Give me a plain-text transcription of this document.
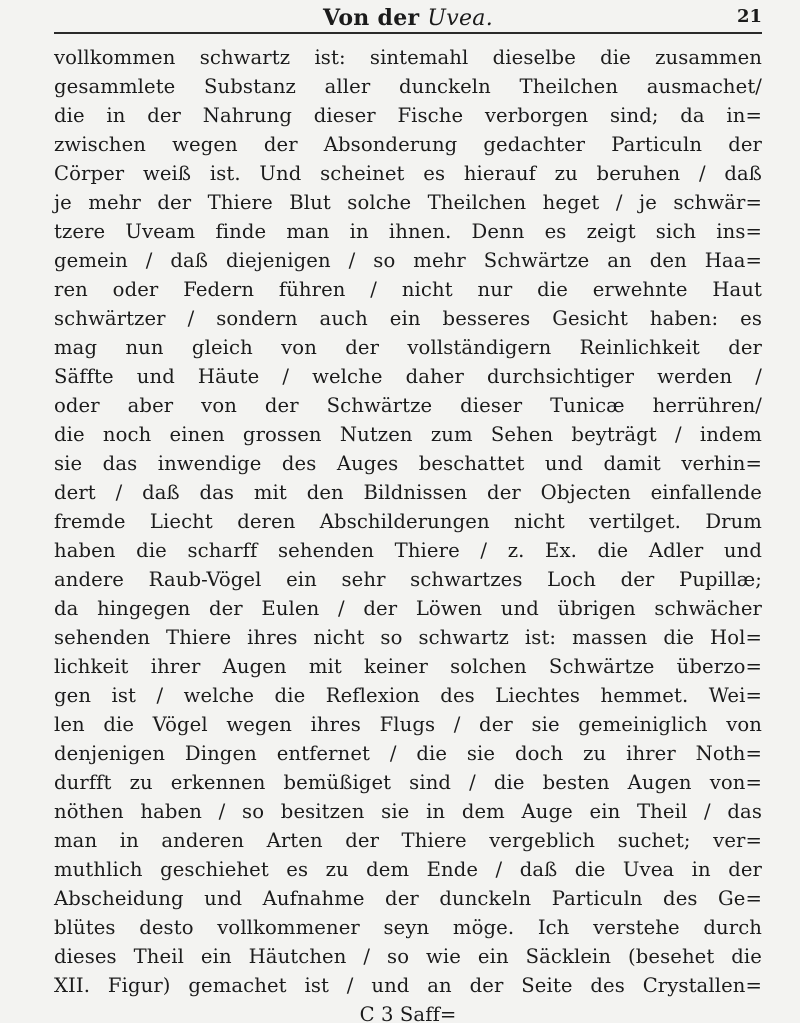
Von der Uvea.	21
vollkommen schwartz ist: sintemahl dieselbe die zusammen
gesammlete Substanz aller dunckeln Theilchen ausmachet/
die in der Nahrung dieser Fische verborgen sind; da in=
zwischen wegen der Absonderung gedachter Particuln der
Cörper weiß ist. Und scheinet es hierauf zu beruhen / daß
je mehr der Thiere Blut solche Theilchen heget / je schwär=
tzere Uveam finde man in ihnen. Denn es zeigt sich ins=
gemein / daß diejenigen / so mehr Schwärtze an den Haa=
ren oder Federn führen / nicht nur die erwehnte Haut
schwärtzer / sondern auch ein besseres Gesicht haben: es
mag nun gleich von der vollständigern Reinlichkeit der
Säffte und Häute / welche daher durchsichtiger werden /
oder aber von der Schwärtze dieser Tunicæ herrühren/
die noch einen grossen Nutzen zum Sehen beyträgt / indem
sie das inwendige des Auges beschattet und damit verhin=
dert / daß das mit den Bildnissen der Objecten einfallende
fremde Liecht deren Abschilderungen nicht vertilget. Drum
haben die scharff sehenden Thiere / z. Ex. die Adler und
andere Raub-Vögel ein sehr schwartzes Loch der Pupillæ;
da hingegen der Eulen / der Löwen und übrigen schwächer
sehenden Thiere ihres nicht so schwartz ist: massen die Hol=
lichkeit ihrer Augen mit keiner solchen Schwärtze überzo=
gen ist / welche die Reflexion des Liechtes hemmet. Wei=
len die Vögel wegen ihres Flugs / der sie gemeiniglich von
denjenigen Dingen entfernet / die sie doch zu ihrer Noth=
durfft zu erkennen bemüßiget sind / die besten Augen von=
nöthen haben / so besitzen sie in dem Auge ein Theil / das
man in anderen Arten der Thiere vergeblich suchet; ver=
muthlich geschiehet es zu dem Ende / daß die Uvea in der
Abscheidung und Aufnahme der dunckeln Particuln des Ge=
blütes desto vollkommener seyn möge. Ich verstehe durch
dieses Theil ein Häutchen / so wie ein Säcklein (besehet die
XII. Figur) gemachet ist / und an der Seite des Crystallen=
C 3 Saff=
